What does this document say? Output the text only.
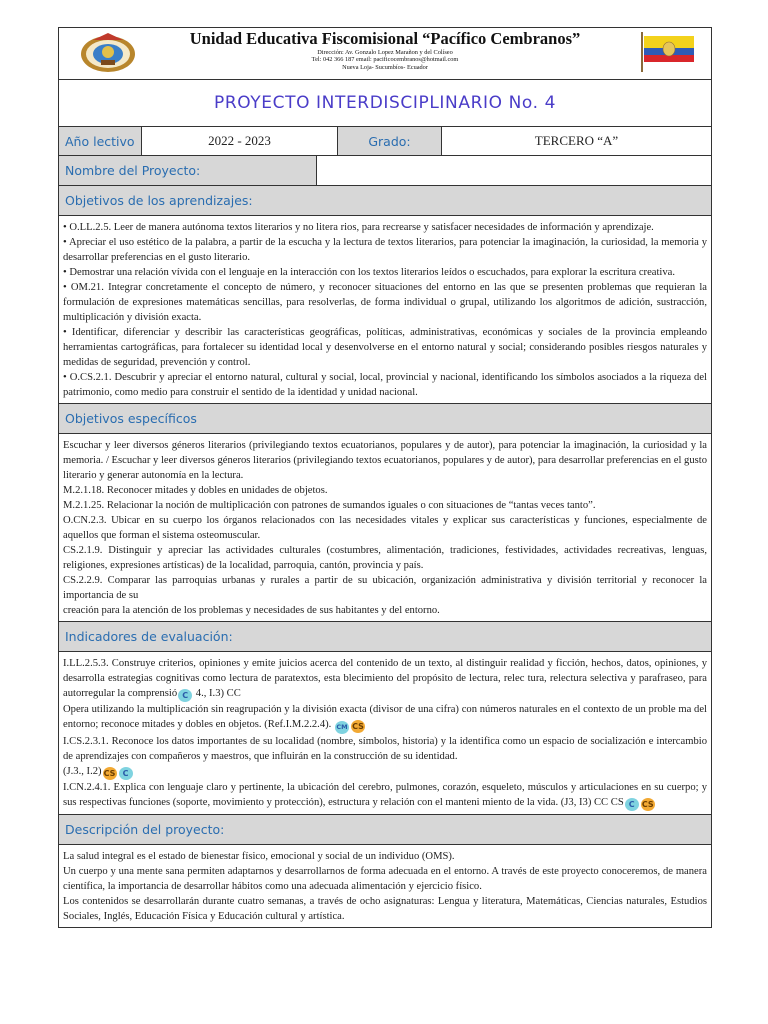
Unidad Educativa Fiscomisional “Pacífico Cembranos”
Dirección: Av. Gonzalo Lopez Marañon y del Colíseo
Tel: 042 366 187 email: pacificocembranos@hotmail.com
Nueva Loja- Sucumbíos- Ecuador
PROYECTO INTERDISCIPLINARIO No. 4
Año lectivo	2022 - 2023	Grado:	TERCERO “A”
Nombre del Proyecto:
Objetivos de los aprendizajes:

• O.LL.2.5. Leer de manera autónoma textos literarios y no litera rios, para recrearse y satisfacer necesidades de información y aprendizaje.

• Apreciar el uso estético de la palabra, a partir de la escucha y la lectura de textos literarios, para potenciar la imaginación, la curiosidad, la memoria y desarrollar preferencias en el gusto literario.

• Demostrar una relación vívida con el lenguaje en la interacción con los textos literarios leídos o escuchados, para explorar la escritura creativa.

• OM.21. Integrar concretamente el concepto de número, y reconocer situaciones del entorno en las que se presenten problemas que requieran la formulación de expresiones matemáticas sencillas, para resolverlas, de forma individual o grupal, utilizando los algoritmos de adición, sustracción, multiplicación y división exacta.

• Identificar, diferenciar y describir las características geográficas, políticas, administrativas, económicas y sociales de la provincia empleando herramientas cartográficas, para fortalecer su identidad local y desenvolverse en el entorno natural y social; considerando posibles riesgos naturales y medidas de seguridad, prevención y control.

• O.CS.2.1. Descubrir y apreciar el entorno natural, cultural y social, local, provincial y nacional, identificando los símbolos asociados a la riqueza del patrimonio, como medio para construir el sentido de la identidad y unidad nacional.

Objetivos específicos

Escuchar y leer diversos géneros literarios (privilegiando textos ecuatorianos, populares y de autor), para potenciar la imaginación, la curiosidad y la memoria. / Escuchar y leer diversos géneros literarios (privilegiando textos ecuatorianos, populares y de autor), para desarrollar preferencias en el gusto literario y generar autonomía en la lectura.

M.2.1.18. Reconocer mitades y dobles en unidades de objetos.

M.2.1.25. Relacionar la noción de multiplicación con patrones de sumandos iguales o con situaciones de “tantas veces tanto”.

O.CN.2.3. Ubicar en su cuerpo los órganos relacionados con las necesidades vitales y explicar sus características y funciones, especialmente de aquellos que forman el sistema osteomuscular.

CS.2.1.9. Distinguir y apreciar las actividades culturales (costumbres, alimentación, tradiciones, festividades, actividades recreativas, lenguas, religiones, expresiones artísticas) de la localidad, parroquia, cantón, provincia y país.

CS.2.2.9. Comparar las parroquias urbanas y rurales a partir de su ubicación, organización administrativa y división territorial y reconocer la importancia de su

creación para la atención de los problemas y necesidades de sus habitantes y del entorno.

Indicadores de evaluación:

I.LL.2.5.3. Construye criterios, opiniones y emite juicios acerca del contenido de un texto, al distinguir realidad y ficción, hechos, datos, opiniones, y desarrolla estrategias cognitivas como lectura de paratextos, esta blecimiento del propósito de lectura, relec tura, relectura selectiva y parafraseo, para autorregular la comprensió C 4., I.3) CC

Opera utilizando la multiplicación sin reagrupación y la división exacta (divisor de una cifra) con números naturales en el contexto de un proble ma del entorno; reconoce mitades y dobles en objetos. (Ref.I.M.2.2.4). CM CS

I.CS.2.3.1. Reconoce los datos importantes de su localidad (nombre, símbolos, historia) y la identifica como un espacio de socialización e intercambio de aprendizajes con compañeros y maestros, que influirán en la construcción de su identidad.

(J.3., I.2) CS C

I.CN.2.4.1. Explica con lenguaje claro y pertinente, la ubicación del cerebro, pulmones, corazón, esqueleto, músculos y articulaciones en su cuerpo; y sus respectivas funciones (soporte, movimiento y protección), estructura y relación con el manteni miento de la vida. (J3, I3) CC CS C CS

Descripción del proyecto:

La salud integral es el estado de bienestar físico, emocional y social de un individuo (OMS).

Un cuerpo y una mente sana permiten adaptarnos y desarrollarnos de forma adecuada en el entorno. A través de este proyecto conoceremos, de manera científica, la importancia de desarrollar hábitos como una adecuada alimentación y ejercicio físico.

Los contenidos se desarrollarán durante cuatro semanas, a través de ocho asignaturas: Lengua y literatura, Matemáticas, Ciencias naturales, Estudios Sociales, Inglés, Educación Física y Educación cultural y artística.
